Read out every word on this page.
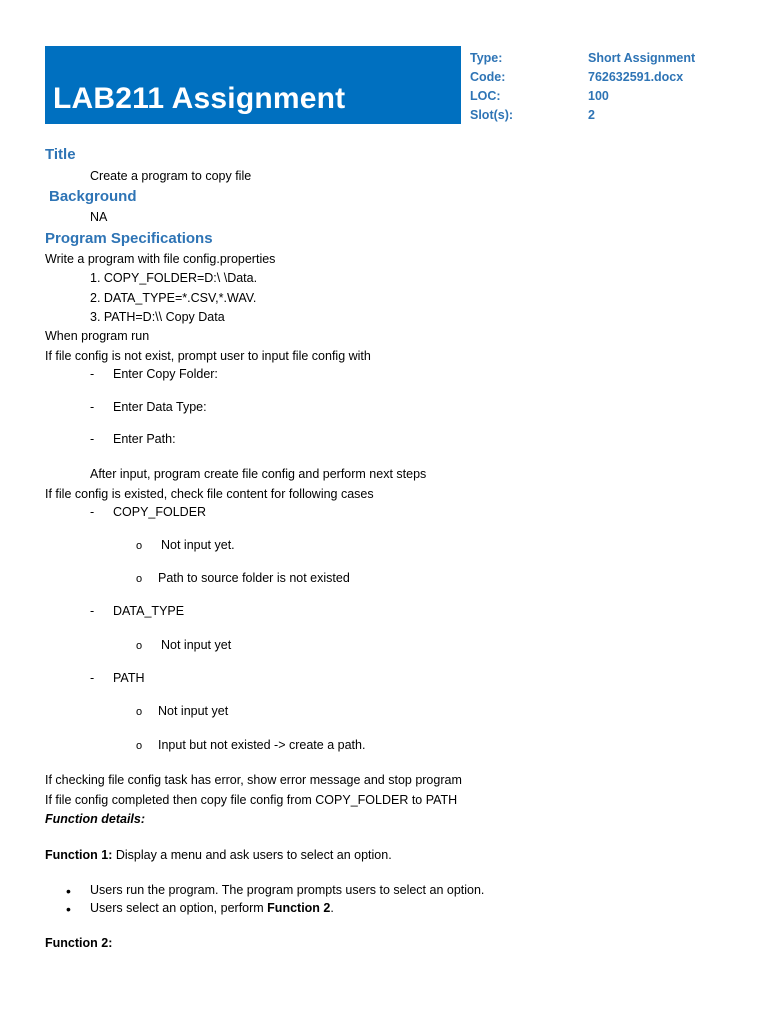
LAB211 Assignment
Type:	Short Assignment
Code:	762632591.docx
LOC:	100
Slot(s):	2
Title
Create a program to copy file
Background
NA
Program Specifications
Write a program with file config.properties
1. COPY_FOLDER=D:\ \Data.
2. DATA_TYPE=*.CSV,*.WAV.
3. PATH=D:\\ Copy Data
When program run
If file config is not exist, prompt user to input file config with
- Enter Copy Folder:
- Enter Data Type:
- Enter Path:
After input, program create file config and perform next steps
If file config is existed, check file content for following cases
- COPY_FOLDER
o Not input yet.
o Path to source folder is not existed
- DATA_TYPE
o Not input yet
- PATH
o Not input yet
o Input but not existed -> create a path.
If checking file config task has error, show error message and stop program
If file config completed then copy file config from COPY_FOLDER to PATH
Function details:
Function 1: Display a menu and ask users to select an option.
• Users run the program. The program prompts users to select an option.
• Users select an option, perform Function 2.
Function 2:
